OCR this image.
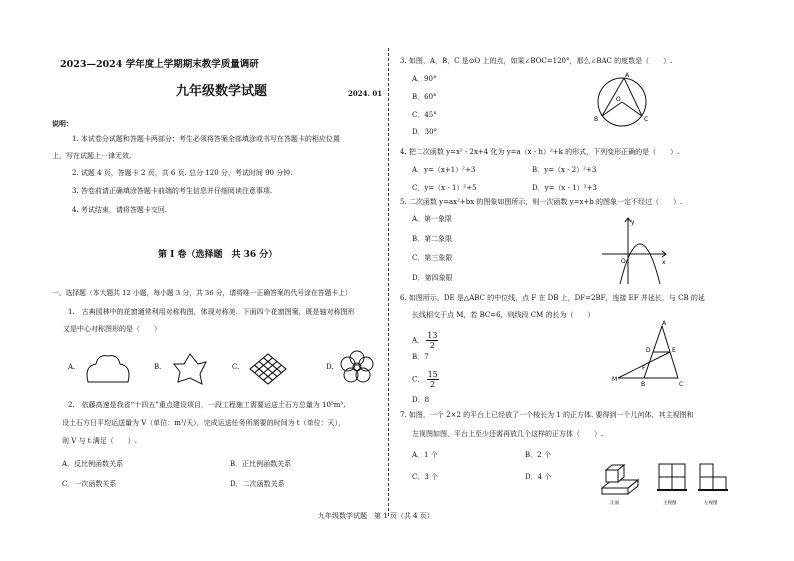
2023—2024 学年度上学期期末教学质量调研
九年级数学试题	2024. 01
说明：
1. 本试卷分试题和答题卡两部分；考生必须将答案全部填涂或书写在答题卡的相应位置
上，写在试题上一律无效.
2. 试题 4 页，答题卡 2 页，共 6 页. 总分 120 分，考试时间 90 分钟.
3. 答卷前请正确填涂答题卡前端的考生信息并仔细阅读注意事项.
4. 考试结束，请将答题卡交回.
第 I 卷（选择题　共 36 分）
一、选择题（本大题共 12 小题，每小题 3 分，共 36 分，请将唯一正确答案的代号涂在答题卡上）
1.　古典园林中的花窗通常利用对称构图，体现对称美．下面四个花窗图案，既是轴对称图形
又是中心对称图形的是（　　）
A.	B.	C.	D.
2.　依藤高速是我省“十四五”重点建设项目，一段工程施工需要运送土石方总量为 10⁵m³,
设土石方日平均运送量为 V（单位：m³/天），完成运送任务所需要的时间为 t（单位：天），
则 V 与 t 满足（　　）.
A．反比例函数关系	B．正比例函数关系
C．一次函数关系	D．二次函数关系
3. 如图，A，B，C 是⊙O 上的点，如果∠BOC=120°，那么∠BAC 的度数是（　　）.
A．90°
B．60°
C．45°
D．30°
A
B	C
O
4. 把二次函数 y=x² - 2x+4 化为 y=a（x - h）²+k 的形式，下列变形正确的是（　　）.
A．y=（x+1）²+3	B．y=（x - 2）²+3
C．y=（x - 1）²+5	D．y=（x - 1）²+3
5. 二次函数 y=ax²+bx 的图象如图所示，则一次函数 y=x+b 的图象一定不经过（　　）.
A．第一象限
B．第二象限
C．第三象限
D．第四象限
y
x
O
6. 如图所示，DE 是△ABC 的中位线，点 F 在 DB 上，DF=2BF，连接 EF 并延长，与 CB 的延
长线相交于点 M，若 BC=6，则线段 CM 的长为（　　）
A． $\frac{13}{2}$
B．7
C． $\frac{15}{2}$
D．8
A
D	E
F
M
B	C
7. 如图，一个 2×2 的平台上已经放了一个棱长为 1 的正方体. 要得到一个几何体，其主视图和
左视图如图，平台上至少还需再放几个这样的正方体（　　）.
A．1 个	B．2 个
C．3 个	D．4 个
正面	主视图	左视图
九年级数学试题　第 1 页（共 4 页）
